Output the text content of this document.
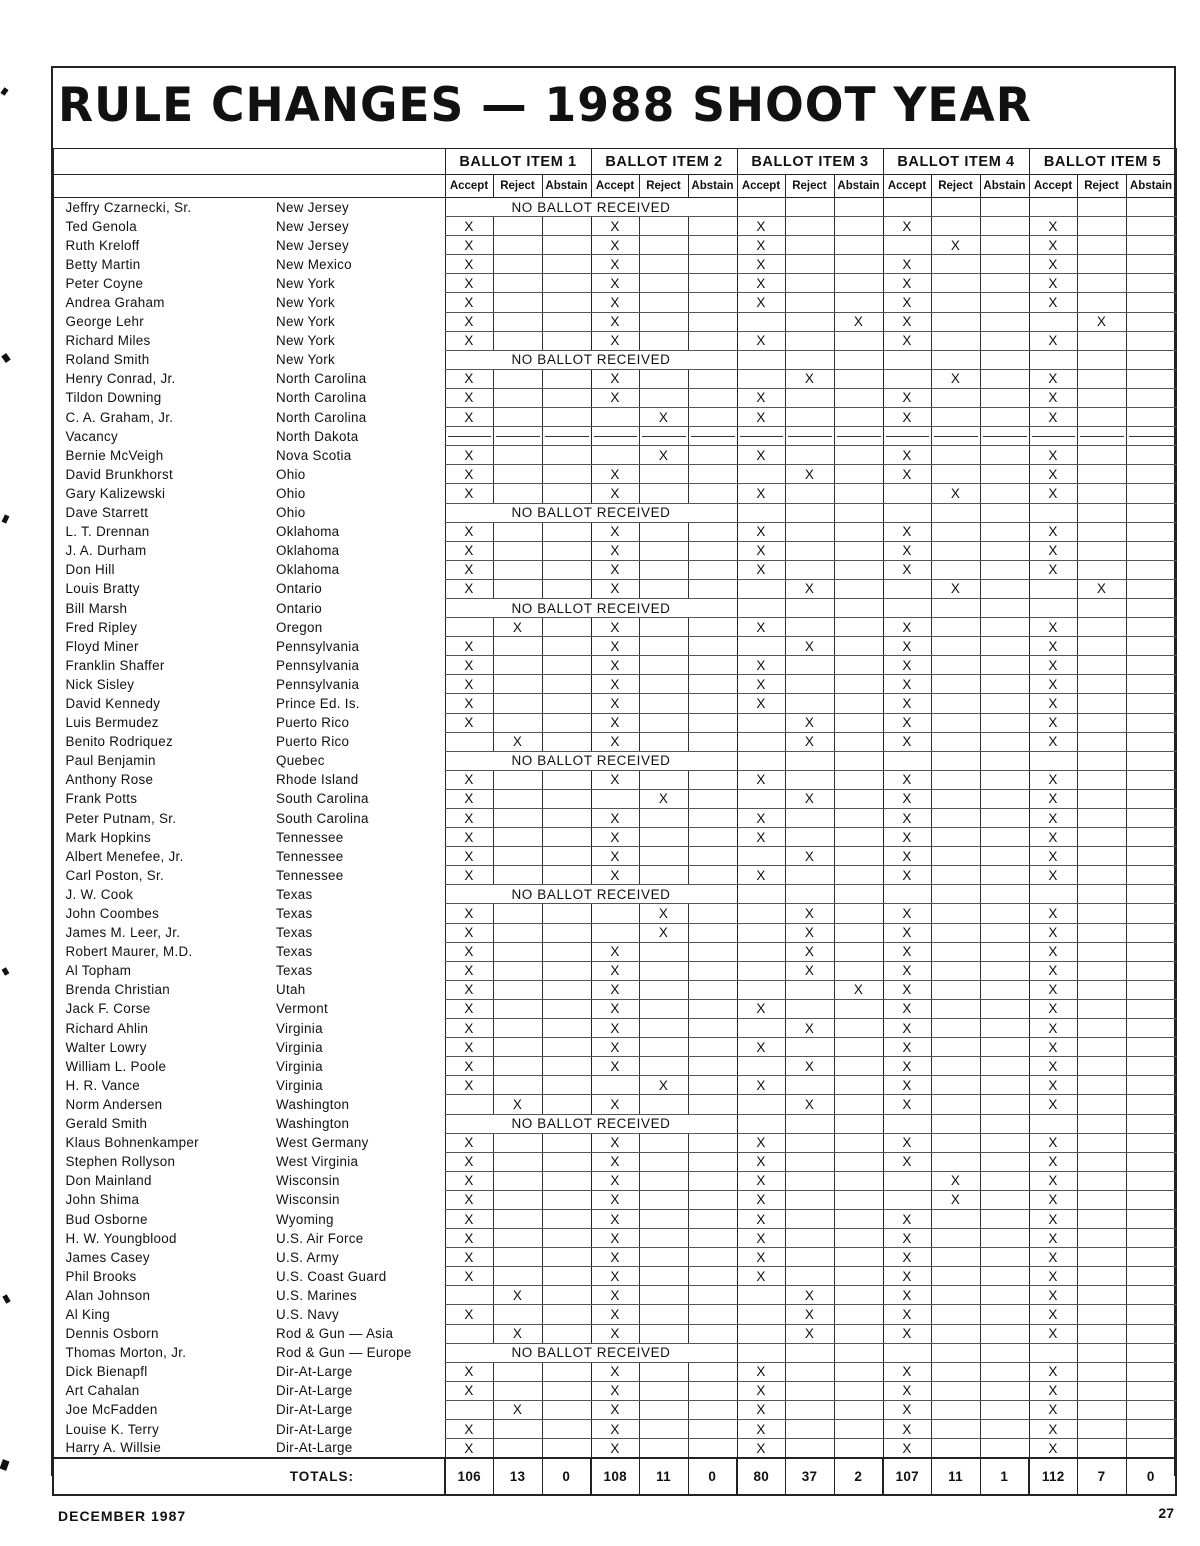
RULE CHANGES — 1988 SHOOT YEAR
		BALLOT ITEM 1			BALLOT ITEM 2			BALLOT ITEM 3			BALLOT ITEM 4			BALLOT ITEM 5		
		Accept	Reject	Abstain	Accept	Reject	Abstain	Accept	Reject	Abstain	Accept	Reject	Abstain	Accept	Reject	Abstain
Jeffry Czarnecki, Sr.	New Jersey	NO BALLOT RECEIVED														
Ted Genola	New Jersey	X			X			X			X			X		
Ruth Kreloff	New Jersey	X			X			X				X		X		
Betty Martin	New Mexico	X			X			X			X			X		
Peter Coyne	New York	X			X			X			X			X		
Andrea Graham	New York	X			X			X			X			X		
George Lehr	New York	X			X					X	X				X	
Richard Miles	New York	X			X			X			X			X		
Roland Smith	New York	NO BALLOT RECEIVED														
Henry Conrad, Jr.	North Carolina	X			X				X			X		X		
Tildon Downing	North Carolina	X			X			X			X			X		
C. A. Graham, Jr.	North Carolina	X				X		X			X			X		
Vacancy	North Dakota															
Bernie McVeigh	Nova Scotia	X				X		X			X			X		
David Brunkhorst	Ohio	X			X				X		X			X		
Gary Kalizewski	Ohio	X			X			X				X		X		
Dave Starrett	Ohio	NO BALLOT RECEIVED														
L. T. Drennan	Oklahoma	X			X			X			X			X		
J. A. Durham	Oklahoma	X			X			X			X			X		
Don Hill	Oklahoma	X			X			X			X			X		
Louis Bratty	Ontario	X			X				X			X			X	
Bill Marsh	Ontario	NO BALLOT RECEIVED														
Fred Ripley	Oregon		X		X			X			X			X		
Floyd Miner	Pennsylvania	X			X				X		X			X		
Franklin Shaffer	Pennsylvania	X			X			X			X			X		
Nick Sisley	Pennsylvania	X			X			X			X			X		
David Kennedy	Prince Ed. Is.	X			X			X			X			X		
Luis Bermudez	Puerto Rico	X			X				X		X			X		
Benito Rodriquez	Puerto Rico		X		X				X		X			X		
Paul Benjamin	Quebec	NO BALLOT RECEIVED														
Anthony Rose	Rhode Island	X			X			X			X			X		
Frank Potts	South Carolina	X				X			X		X			X		
Peter Putnam, Sr.	South Carolina	X			X			X			X			X		
Mark Hopkins	Tennessee	X			X			X			X			X		
Albert Menefee, Jr.	Tennessee	X			X				X		X			X		
Carl Poston, Sr.	Tennessee	X			X			X			X			X		
J. W. Cook	Texas	NO BALLOT RECEIVED														
John Coombes	Texas	X				X			X		X			X		
James M. Leer, Jr.	Texas	X				X			X		X			X		
Robert Maurer, M.D.	Texas	X			X				X		X			X		
Al Topham	Texas	X			X				X		X			X		
Brenda Christian	Utah	X			X					X	X			X		
Jack F. Corse	Vermont	X			X			X			X			X		
Richard Ahlin	Virginia	X			X				X		X			X		
Walter Lowry	Virginia	X			X			X			X			X		
William L. Poole	Virginia	X			X				X		X			X		
H. R. Vance	Virginia	X				X		X			X			X		
Norm Andersen	Washington		X		X				X		X			X		
Gerald Smith	Washington	NO BALLOT RECEIVED														
Klaus Bohnenkamper	West Germany	X			X			X			X			X		
Stephen Rollyson	West Virginia	X			X			X			X			X		
Don Mainland	Wisconsin	X			X			X				X		X		
John Shima	Wisconsin	X			X			X				X		X		
Bud Osborne	Wyoming	X			X			X			X			X		
H. W. Youngblood	U.S. Air Force	X			X			X			X			X		
James Casey	U.S. Army	X			X			X			X			X		
Phil Brooks	U.S. Coast Guard	X			X			X			X			X		
Alan Johnson	U.S. Marines		X		X				X		X			X		
Al King	U.S. Navy	X			X				X		X			X		
Dennis Osborn	Rod & Gun — Asia		X		X				X		X			X		
Thomas Morton, Jr.	Rod & Gun — Europe	NO BALLOT RECEIVED														
Dick Bienapfl	Dir-At-Large	X			X			X			X			X		
Art Cahalan	Dir-At-Large	X			X			X			X			X		
Joe McFadden	Dir-At-Large		X		X			X			X			X		
Louise K. Terry	Dir-At-Large	X			X			X			X			X		
Harry A. Willsie	Dir-At-Large	X			X			X			X			X		
TOTALS:		106	13	0	108	11	0	80	37	2	107	11	1	112	7	0
DECEMBER 1987	27
